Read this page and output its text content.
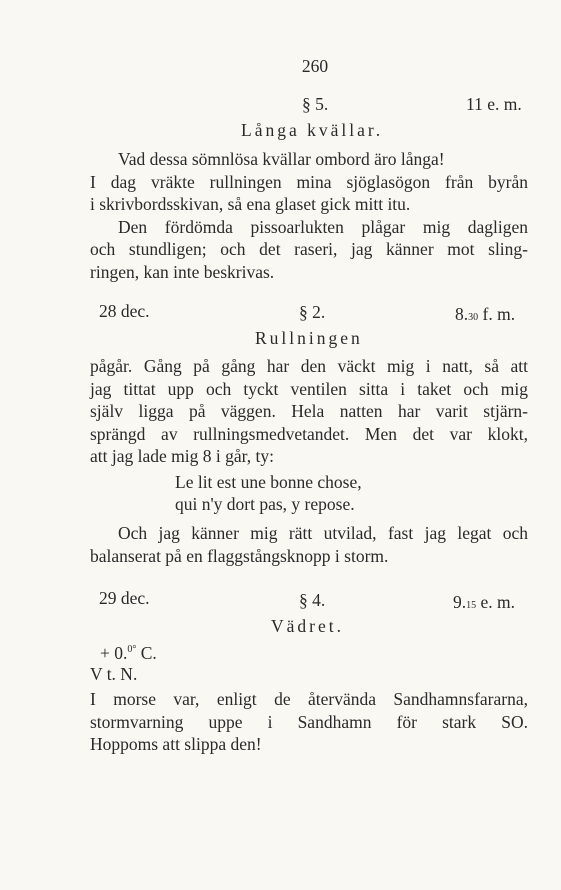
260
§ 5.	11 e. m.
Långa kvällar.
Vad dessa sömnlösa kvällar ombord äro långa!
I dag vräkte rullningen mina sjöglasögon från byrån
i skrivbordsskivan, så ena glaset gick mitt itu.
Den fördömda pissoarlukten plågar mig dagligen
och stundligen; och det raseri, jag känner mot sling-
ringen, kan inte beskrivas.
28 dec.	§ 2.	8.30 f. m.
Rullningen
pågår. Gång på gång har den väckt mig i natt, så att
jag tittat upp och tyckt ventilen sitta i taket och mig
själv ligga på väggen. Hela natten har varit stjärn-
sprängd av rullningsmedvetandet. Men det var klokt,
att jag lade mig 8 i går, ty:
Le lit est une bonne chose,
qui n'y dort pas, y repose.
Och jag känner mig rätt utvilad, fast jag legat och
balanserat på en flaggstångsknopp i storm.
29 dec.	§ 4.	9.15 e. m.
Vädret.
+ 0.$^{0^\circ}$ C.
V t. N.
I morse var, enligt de återvända Sandhamnsfararna,
stormvarning uppe i Sandhamn för stark SO.
Hoppoms att slippa den!
